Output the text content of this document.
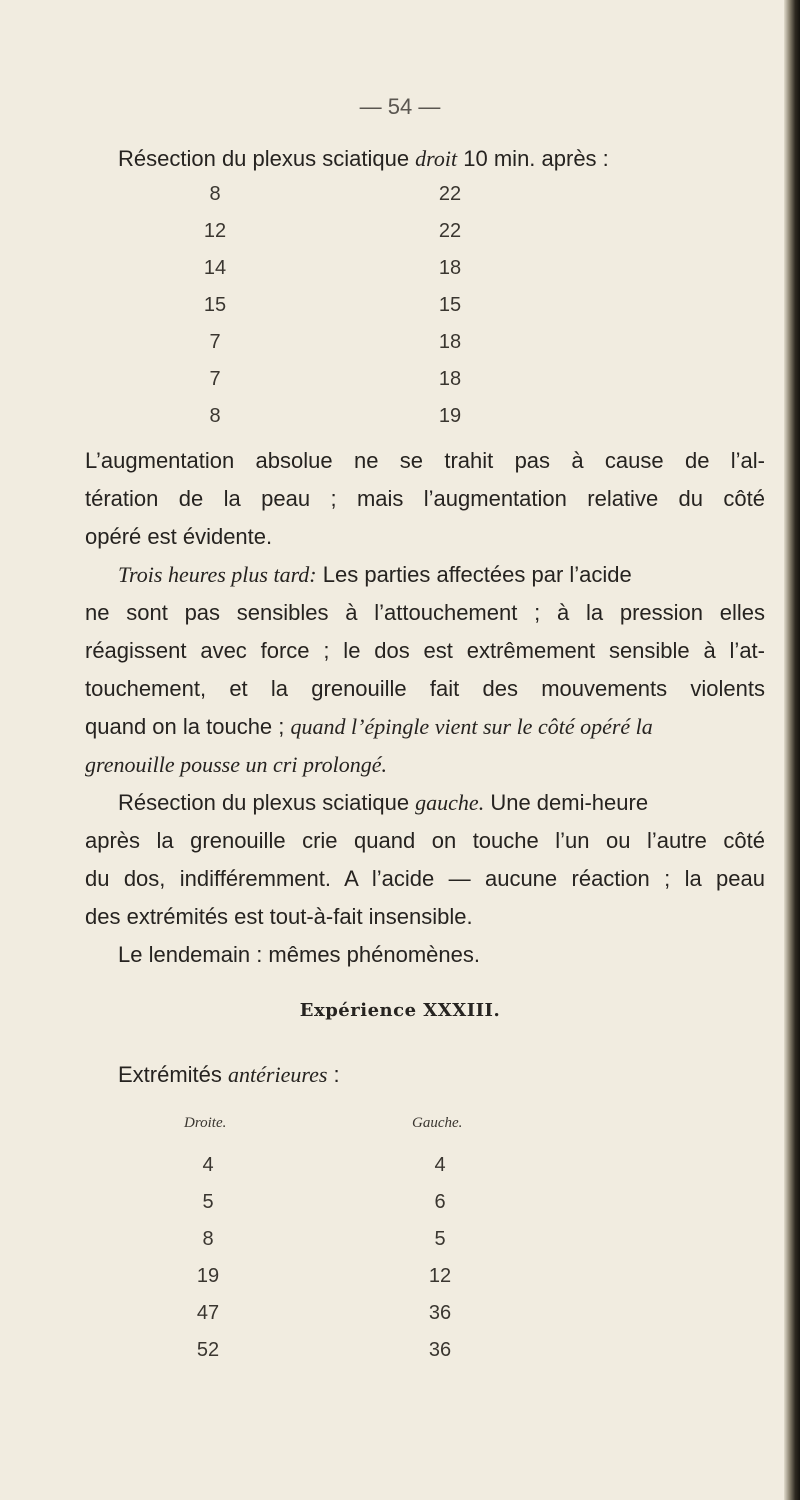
— 54 —
Résection du plexus sciatique droit 10 min. après :
8	22
12	22
14	18
15	15
7	18
7	18
8	19
L’augmentation absolue ne se trahit pas à cause de l’al-
tération de la peau ; mais l’augmentation relative du côté
opéré est évidente.
Trois heures plus tard: Les parties affectées par l’acide
ne sont pas sensibles à l’attouchement ; à la pression elles
réagissent avec force ; le dos est extrêmement sensible à l’at-
touchement, et la grenouille fait des mouvements violents
quand on la touche ; quand l’épingle vient sur le côté opéré la
grenouille pousse un cri prolongé.
Résection du plexus sciatique gauche. Une demi-heure
après la grenouille crie quand on touche l’un ou l’autre côté
du dos, indifféremment. A l’acide — aucune réaction ; la peau
des extrémités est tout-à-fait insensible.
Le lendemain : mêmes phénomènes.
Expérience XXXIII.
Extrémités antérieures :
Droite.	Gauche.
4	4
5	6
8	5
19	12
47	36
52	36
